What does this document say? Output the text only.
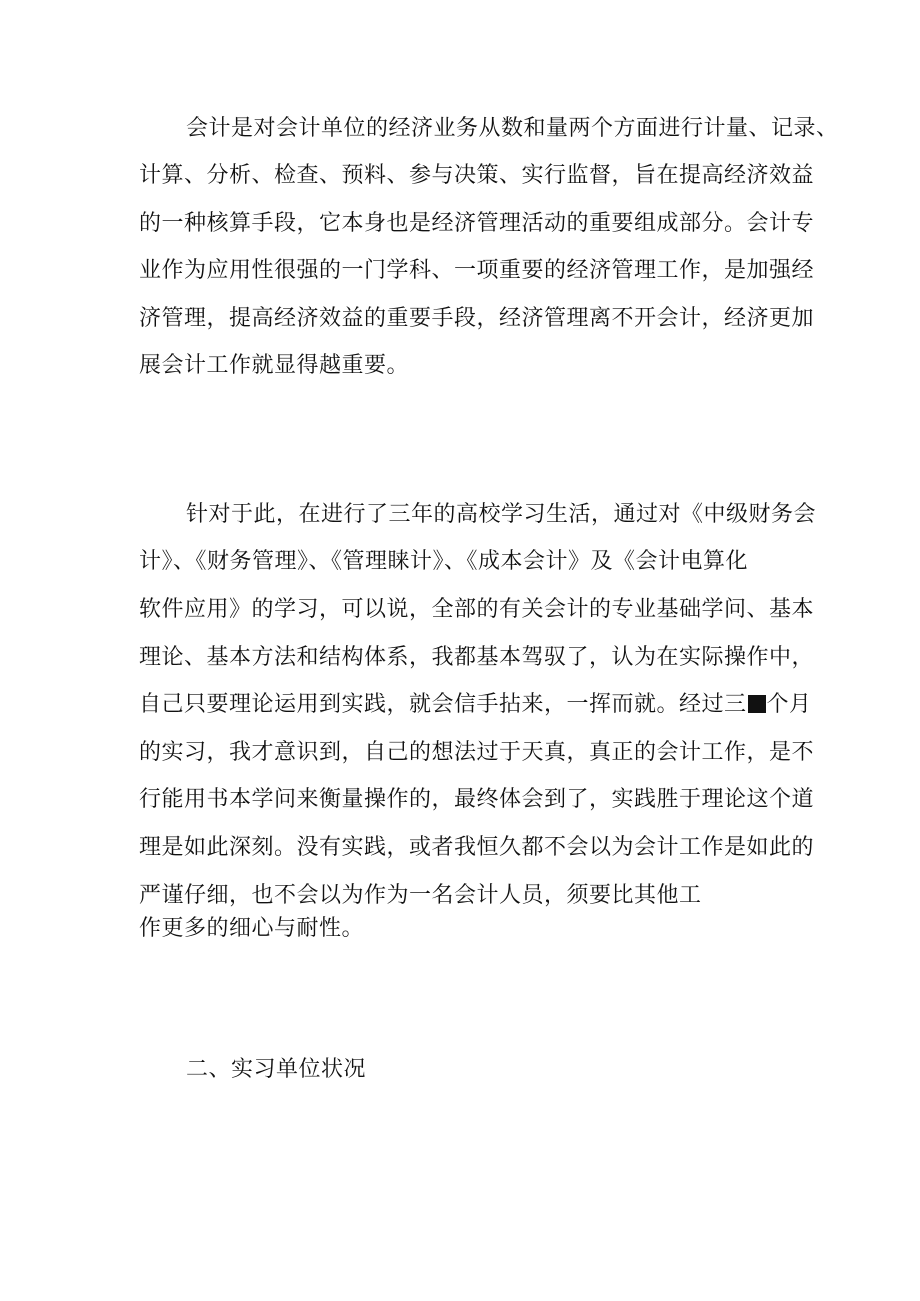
会计是对会计单位的经济业务从数和量两个方面进行计量、记录、
计算、分析、检查、预料、参与决策、实行监督，旨在提高经济效益
的一种核算手段，它本身也是经济管理活动的重要组成部分。会计专
业作为应用性很强的一门学科、一项重要的经济管理工作，是加强经
济管理，提高经济效益的重要手段，经济管理离不开会计，经济更加
展会计工作就显得越重要。
针对于此，在进行了三年的高校学习生活，通过对《中级财务会
计》、《财务管理》、《管理睐计》、《成本会计》及《会计电算化
软件应用》的学习，可以说，全部的有关会计的专业基础学问、基本
理论、基本方法和结构体系，我都基本驾驭了，认为在实际操作中，
自己只要理论运用到实践，就会信手拈来，一挥而就。经过三 个月
的实习，我才意识到，自己的想法过于天真，真正的会计工作，是不
行能用书本学问来衡量操作的，最终体会到了，实践胜于理论这个道
理是如此深刻。没有实践，或者我恒久都不会以为会计工作是如此的
严谨仔细，也不会以为作为一名会计人员，须要比其他工
作更多的细心与耐性。
二、实习单位状况
